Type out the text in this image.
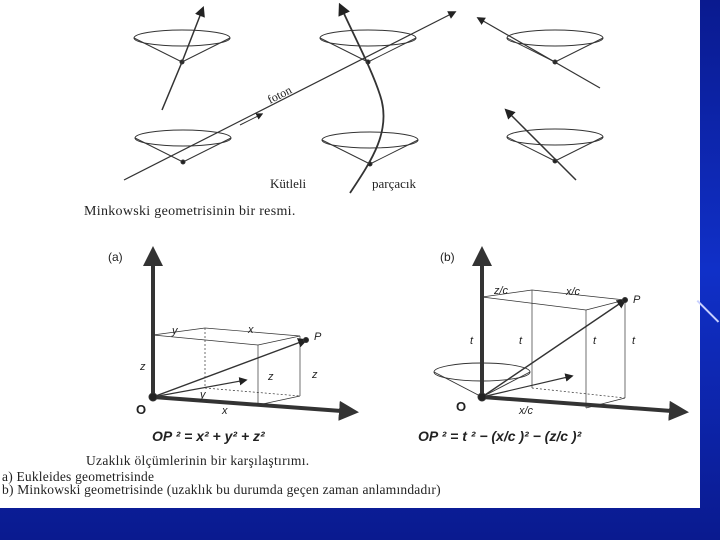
foton
Kütleli	parçacık
(a)
y	x
z
z	z
P
O
y
x
OP ² = x² + y² + z²
(b)
z/c	x/c
t	t	t	t
P
O	x/c
OP ² = t ² − (x/c )² − (z/c )²
Minkowski geometrisinin bir resmi.
Uzaklık ölçümlerinin bir karşılaştırımı.
a) Eukleides geometrisinde
b) Minkowski geometrisinde (uzaklık bu durumda geçen zaman anlamındadır)
